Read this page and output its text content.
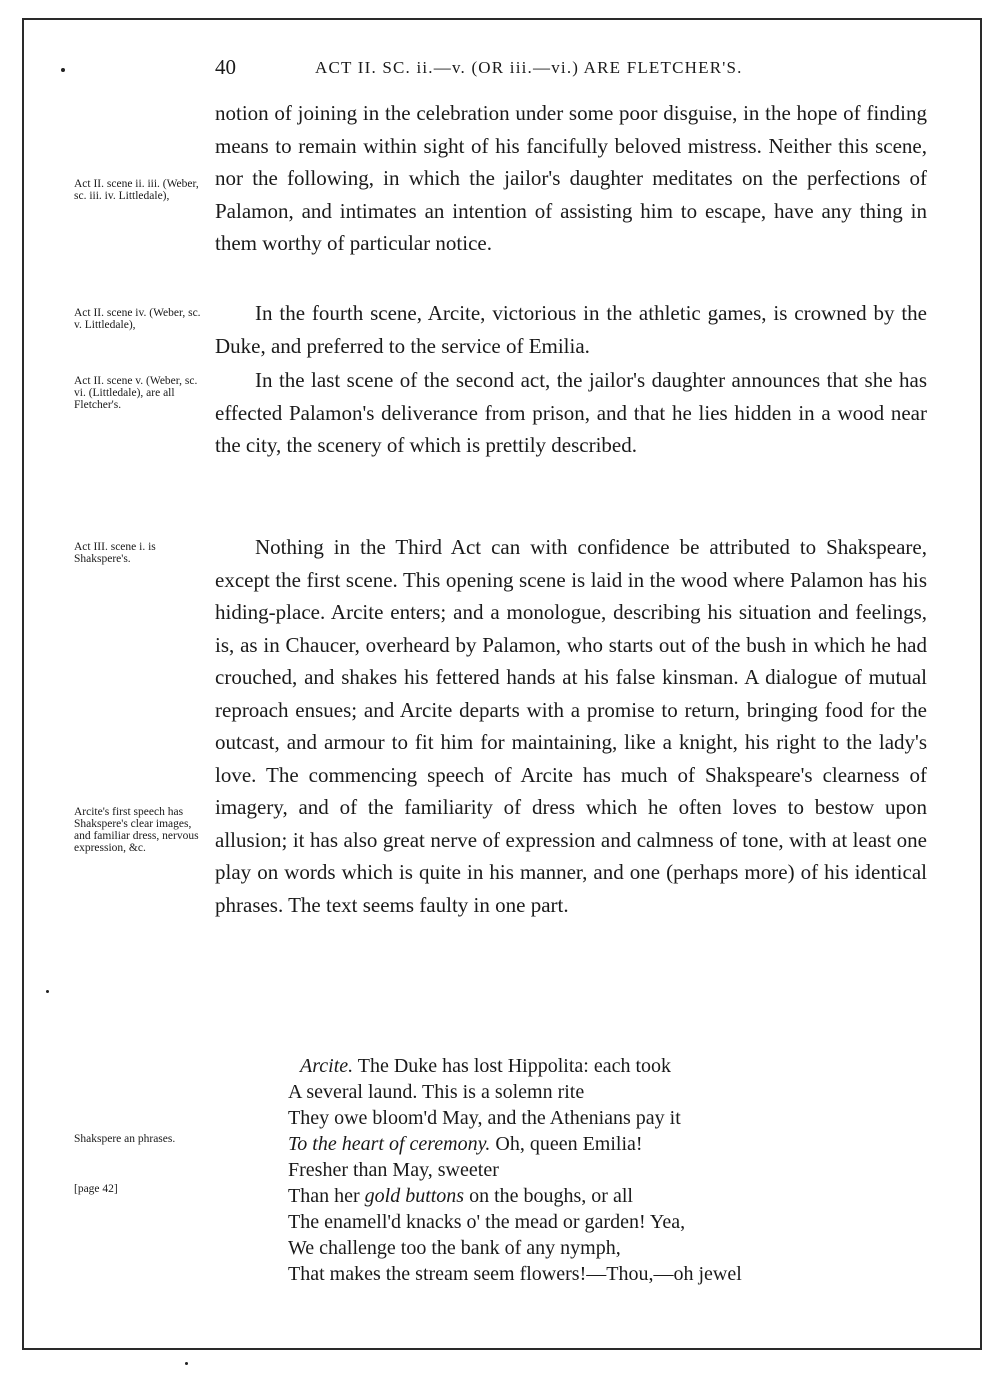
40	ACT II. SC. ii.—v. (OR iii.—vi.) ARE FLETCHER'S.
Act II. scene ii. iii. (Weber, sc. iii. iv. Littledale),
Act II. scene iv. (Weber, sc. v. Littledale),
Act II. scene v. (Weber, sc. vi. (Littledale), are all Fletcher's.
Act III. scene i. is Shakspere's.
Arcite's first speech has Shakspere's clear images, and familiar dress, nervous expression, &c.
Shakspere an phrases.
[page 42]

notion of joining in the celebration under some poor disguise, in the hope of finding means to remain within sight of his fancifully beloved mistress. Neither this scene, nor the following, in which the jailor's daughter meditates on the perfections of Palamon, and intimates an intention of assisting him to escape, have any thing in them worthy of particular notice.

In the fourth scene, Arcite, victorious in the athletic games, is crowned by the Duke, and preferred to the service of Emilia.

In the last scene of the second act, the jailor's daughter announces that she has effected Palamon's deliverance from prison, and that he lies hidden in a wood near the city, the scenery of which is prettily described.

Nothing in the Third Act can with confidence be attributed to Shakspeare, except the first scene. This opening scene is laid in the wood where Palamon has his hiding-place. Arcite enters; and a monologue, describing his situation and feelings, is, as in Chaucer, overheard by Palamon, who starts out of the bush in which he had crouched, and shakes his fettered hands at his false kinsman. A dialogue of mutual reproach ensues; and Arcite departs with a promise to return, bringing food for the outcast, and armour to fit him for maintaining, like a knight, his right to the lady's love. The commencing speech of Arcite has much of Shakspeare's clearness of imagery, and of the familiarity of dress which he often loves to bestow upon allusion; it has also great nerve of expression and calmness of tone, with at least one play on words which is quite in his manner, and one (perhaps more) of his identical phrases. The text seems faulty in one part.

Arcite. The Duke has lost Hippolita: each took
A several laund. This is a solemn rite
They owe bloom'd May, and the Athenians pay it
To the heart of ceremony. Oh, queen Emilia!
Fresher than May, sweeter
Than her gold buttons on the boughs, or all
The enamell'd knacks o' the mead or garden! Yea,
We challenge too the bank of any nymph,
That makes the stream seem flowers!—Thou,—oh jewel
